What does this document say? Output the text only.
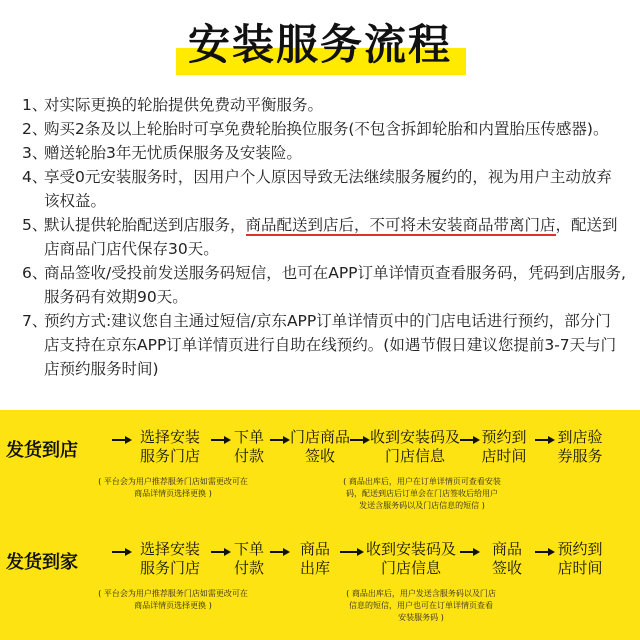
安装服务流程
1、
对实际更换的轮胎提供免费动平衡服务。
2、
购买2条及以上轮胎时可享免费轮胎换位服务(不包含拆卸轮胎和内置胎压传感器)。
3、
赠送轮胎3年无忧质保服务及安装险。
4、
享受0元安装服务时，因用户个人原因导致无法继续服务履约的，视为用户主动放弃该权益。
5、
默认提供轮胎配送到店服务，商品配送到店后，不可将未安装商品带离门店，配送到店商品门店代保存30天。
6、
商品签收/受投前发送服务码短信，也可在APP订单详情页查看服务码，凭码到店服务,服务码有效期90天。
7、
预约方式:建议您自主通过短信/京东APP订单详情页中的门店电话进行预约，部分门店支持在京东APP订单详情页进行自助在线预约。(如遇节假日建议您提前3-7天与门店预约服务时间)
发货到店
选择安装服务门店
下单付款
门店商品签收
收到安装码及门店信息
预约到店时间
到店验券服务
( 平台会为用户推荐服务门店如需更改可在商品详情页选择更换 )
( 商品出库后，用户在订单详情页可查看安装码，配送到店后订单会在门店签收后给用户发送含服务码以及门店信息的短信 )
发货到家
选择安装服务门店
下单付款
商品出库
收到安装码及门店信息
商品签收
预约到店时间
( 平台会为用户推荐服务门店如需更改可在商品详情页选择更换 )
( 商品出库后，用户发送含服务码以及门店信息的短信，用户也可在订单详情页查看安装服务码 )
